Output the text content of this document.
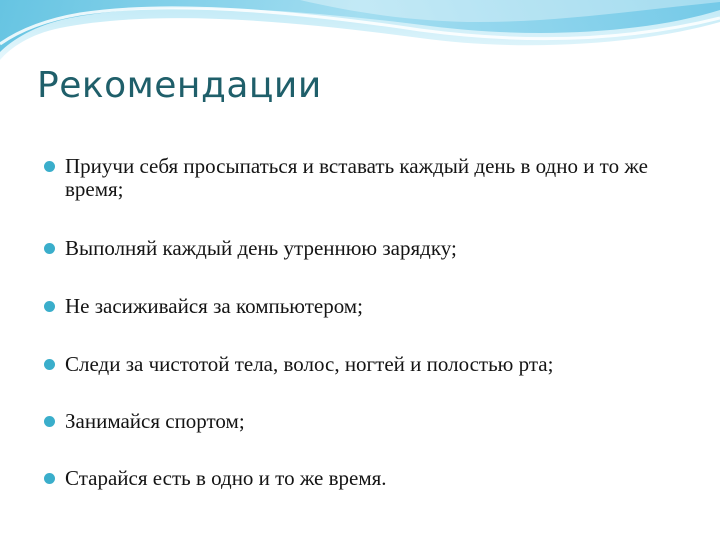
Рекомендации
Приучи себя просыпаться и вставать каждый день в одно и то же время;
Выполняй каждый день утреннюю зарядку;
Не засиживайся за компьютером;
Следи за чистотой тела, волос, ногтей и полостью рта;
Занимайся спортом;
Старайся есть в одно и то же время.
